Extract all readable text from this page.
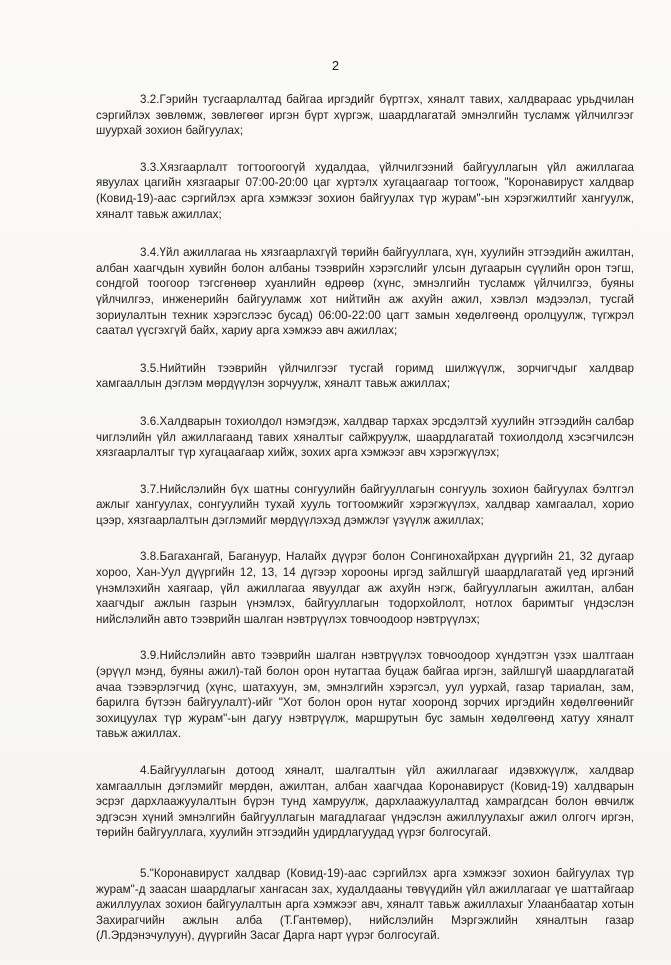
2

3.2.Гэрийн тусгаарлалтад байгаа иргэдийг бүртгэх, хяналт тавих, халдвараас урьдчилан сэргийлэх зөвлөмж, зөвлөгөөг иргэн бүрт хүргэж, шаардлагатай эмнэлгийн тусламж үйлчилгээг шуурхай зохион байгуулах;

3.3.Хязгаарлалт тогтоогоогүй худалдаа, үйлчилгээний байгууллагын үйл ажиллагаа явуулах цагийн хязгаарыг 07:00-20:00 цаг хүртэлх хугацаагаар тогтоож, "Коронавируст халдвар (Ковид-19)-аас сэргийлэх арга хэмжээг зохион байгуулах түр журам"-ын хэрэгжилтийг хангуулж, хяналт тавьж ажиллах;

3.4.Үйл ажиллагаа нь хязгаарлахгүй төрийн байгууллага, хүн, хуулийн этгээдийн ажилтан, албан хаагчдын хувийн болон албаны тээврийн хэрэгслийг улсын дугаарын сүүлийн орон тэгш, сондгой тоогоор тэгсгөнөөр хуанлийн өдрөөр (хүнс, эмнэлгийн тусламж үйлчилгээ, буяны үйлчилгээ, инженерийн байгууламж хот нийтийн аж ахуйн ажил, хэвлэл мэдээлэл, тусгай зориулалтын техник хэрэгслээс бусад) 06:00-22:00 цагт замын хөдөлгөөнд оролцуулж, түгжрэл саатал үүсгэхгүй байх, хариу арга хэмжээ авч ажиллах;

3.5.Нийтийн тээврийн үйлчилгээг тусгай горимд шилжүүлж, зорчигчдыг халдвар хамгааллын дэглэм мөрдүүлэн зорчуулж, хяналт тавьж ажиллах;

3.6.Халдварын тохиолдол нэмэгдэж, халдвар тархах эрсдэлтэй хуулийн этгээдийн салбар чиглэлийн үйл ажиллагаанд тавих хяналтыг сайжруулж, шаардлагатай тохиолдолд хэсэгчилсэн хязгаарлалтыг түр хугацаагаар хийж, зохих арга хэмжээг авч хэрэгжүүлэх;

3.7.Нийслэлийн бүх шатны сонгуулийн байгууллагын сонгууль зохион байгуулах бэлтгэл ажлыг хангуулах, сонгуулийн тухай хууль тогтоомжийг хэрэгжүүлэх, халдвар хамгаалал, хорио цээр, хязгаарлалтын дэглэмийг мөрдүүлэхэд дэмжлэг үзүүлж ажиллах;

3.8.Багахангай, Багануур, Налайх дүүрэг болон Сонгинохайрхан дүүргийн 21, 32 дугаар хороо, Хан-Уул дүүргийн 12, 13, 14 дүгээр хорооны иргэд зайлшгүй шаардлагатай үед иргэний үнэмлэхийн хаягаар, үйл ажиллагаа явуулдаг аж ахуйн нэгж, байгууллагын ажилтан, албан хаагчдыг ажлын газрын үнэмлэх, байгууллагын тодорхойлолт, нотлох баримтыг үндэслэн нийслэлийн авто тээврийн шалган нэвтрүүлэх товчоодоор нэвтрүүлэх;

3.9.Нийслэлийн авто тээврийн шалган нэвтрүүлэх товчоодоор хүндэтгэн үзэх шалтгаан (эрүүл мэнд, буяны ажил)-тай болон орон нутагтаа буцаж байгаа иргэн, зайлшгүй шаардлагатай ачаа тээвэрлэгчид (хүнс, шатахуун, эм, эмнэлгийн хэрэгсэл, уул уурхай, газар тариалан, зам, барилга бүтээн байгуулалт)-ийг "Хот болон орон нутаг хооронд зорчих иргэдийн хөдөлгөөнийг зохицуулах түр журам"-ын дагуу нэвтрүүлж, маршрутын бус замын хөдөлгөөнд хатуу хяналт тавьж ажиллах.

4.Байгууллагын дотоод хяналт, шалгалтын үйл ажиллагааг идэвхжүүлж, халдвар хамгааллын дэглэмийг мөрдөн, ажилтан, албан хаагчдаа Коронавируст (Ковид-19) халдварын эсрэг дархлаажуулалтын бүрэн тунд хамруулж, дархлаажуулалтад хамрагдсан болон өвчилж эдгэсэн хүний эмнэлгийн байгууллагын магадлагааг үндэслэн ажиллуулахыг ажил олгогч иргэн, төрийн байгууллага, хуулийн этгээдийн удирдлагуудад үүрэг болгосугай.

5."Коронавируст халдвар (Ковид-19)-аас сэргийлэх арга хэмжээг зохион байгуулах түр журам"-д заасан шаардлагыг хангасан зах, худалдааны төвүүдийн үйл ажиллагааг үе шаттайгаар ажиллуулах зохион байгуулалтын арга хэмжээг авч, хяналт тавьж ажиллахыг Улаанбаатар хотын Захирагчийн ажлын алба (Т.Гантөмөр), нийслэлийн Мэргэжлийн хяналтын газар (Л.Эрдэнэчулуун), дүүргийн Засаг Дарга нарт үүрэг болгосугай.
